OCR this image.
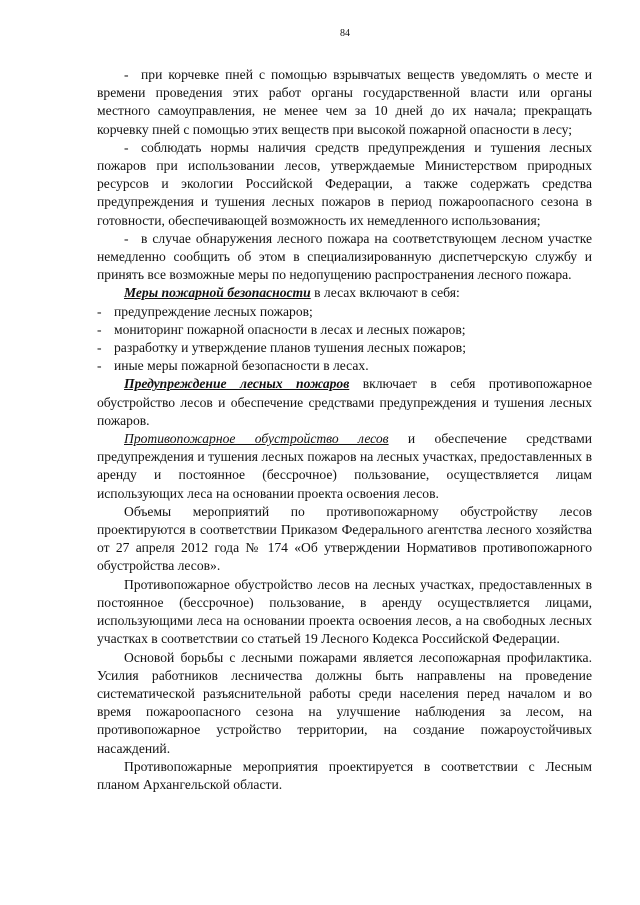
84

- при корчевке пней с помощью взрывчатых веществ уведомлять о месте и времени проведения этих работ органы государственной власти или органы местного самоуправления, не менее чем за 10 дней до их начала; прекращать корчевку пней с помощью этих веществ при высокой пожарной опасности в лесу;

- соблюдать нормы наличия средств предупреждения и тушения лесных пожаров при использовании лесов, утверждаемые Министерством природных ресурсов и экологии Российской Федерации, а также содержать средства предупреждения и тушения лесных пожаров в период пожароопасного сезона в готовности, обеспечивающей возможность их немедленного использования;

- в случае обнаружения лесного пожара на соответствующем лесном участке немедленно сообщить об этом в специализированную диспетчерскую службу и принять все возможные меры по недопущению распространения лесного пожара.

Меры пожарной безопасности в лесах включают в себя:

- предупреждение лесных пожаров;

- мониторинг пожарной опасности в лесах и лесных пожаров;

- разработку и утверждение планов тушения лесных пожаров;

- иные меры пожарной безопасности в лесах.

Предупреждение лесных пожаров включает в себя противопожарное обустройство лесов и обеспечение средствами предупреждения и тушения лесных пожаров.

Противопожарное обустройство лесов и обеспечение средствами предупреждения и тушения лесных пожаров на лесных участках, предоставленных в аренду и постоянное (бессрочное) пользование, осуществляется лицам использующих леса на основании проекта освоения лесов.

Объемы мероприятий по противопожарному обустройству лесов проектируются в соответствии Приказом Федерального агентства лесного хозяйства от 27 апреля 2012 года № 174 «Об утверждении Нормативов противопожарного обустройства лесов».

Противопожарное обустройство лесов на лесных участках, предоставленных в постоянное (бессрочное) пользование, в аренду осуществляется лицами, использующими леса на основании проекта освоения лесов, а на свободных лесных участках в соответствии со статьей 19 Лесного Кодекса Российской Федерации.

Основой борьбы с лесными пожарами является лесопожарная профилактика. Усилия работников лесничества должны быть направлены на проведение систематической разъяснительной работы среди населения перед началом и во время пожароопасного сезона на улучшение наблюдения за лесом, на противопожарное устройство территории, на создание пожароустойчивых насаждений.

Противопожарные мероприятия проектируется в соответствии с Лесным планом Архангельской области.
